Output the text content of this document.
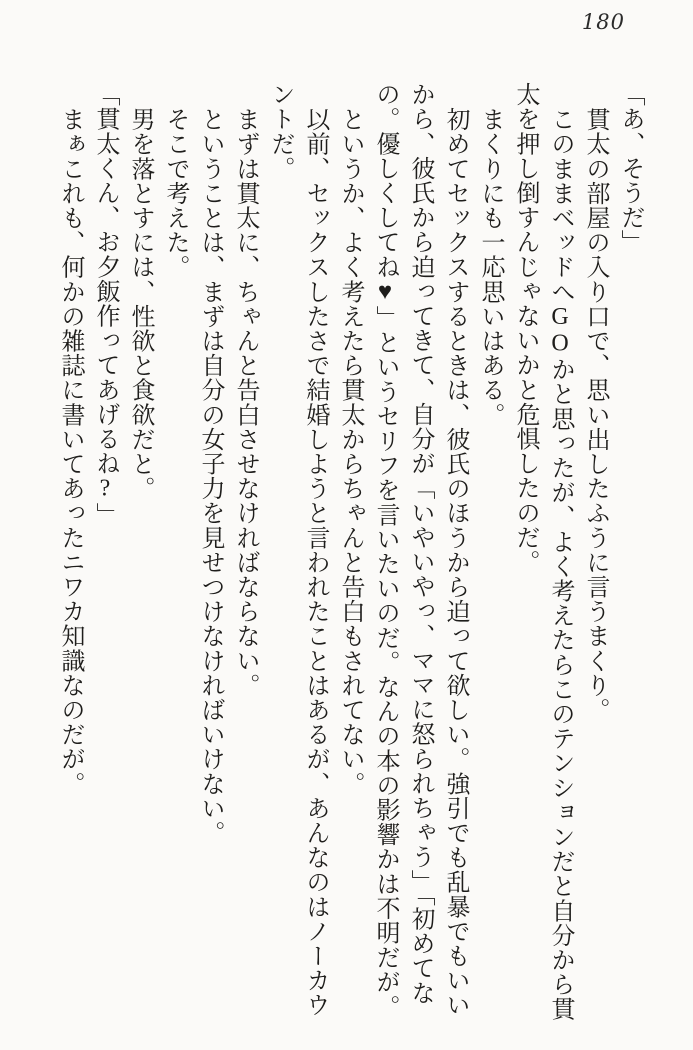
180

「あ、そうだ」

貫太の部屋の入り口で、思い出したふうに言うまくり。

このままベッドへGOかと思ったが、よく考えたらこのテンションだと自分から貫

太を押し倒すんじゃないかと危惧したのだ。

まくりにも一応思いはある。

初めてセックスするときは、彼氏のほうから迫って欲しい。強引でも乱暴でもいい

から、彼氏から迫ってきて、自分が「いやいやっ、ママに怒られちゃう」「初めてな

の。優しくしてね♥」というセリフを言いたいのだ。なんの本の影響かは不明だが。

というか、よく考えたら貫太からちゃんと告白もされてない。

以前、セックスしたさで結婚しようと言われたことはあるが、あんなのはノーカウ

ントだ。

まずは貫太に、ちゃんと告白させなければならない。

ということは、まずは自分の女子力を見せつけなければいけない。

そこで考えた。

男を落とすには、性欲と食欲だと。

「貫太くん、お夕飯作ってあげるね?」

まぁこれも、何かの雑誌に書いてあったニワカ知識なのだが。
